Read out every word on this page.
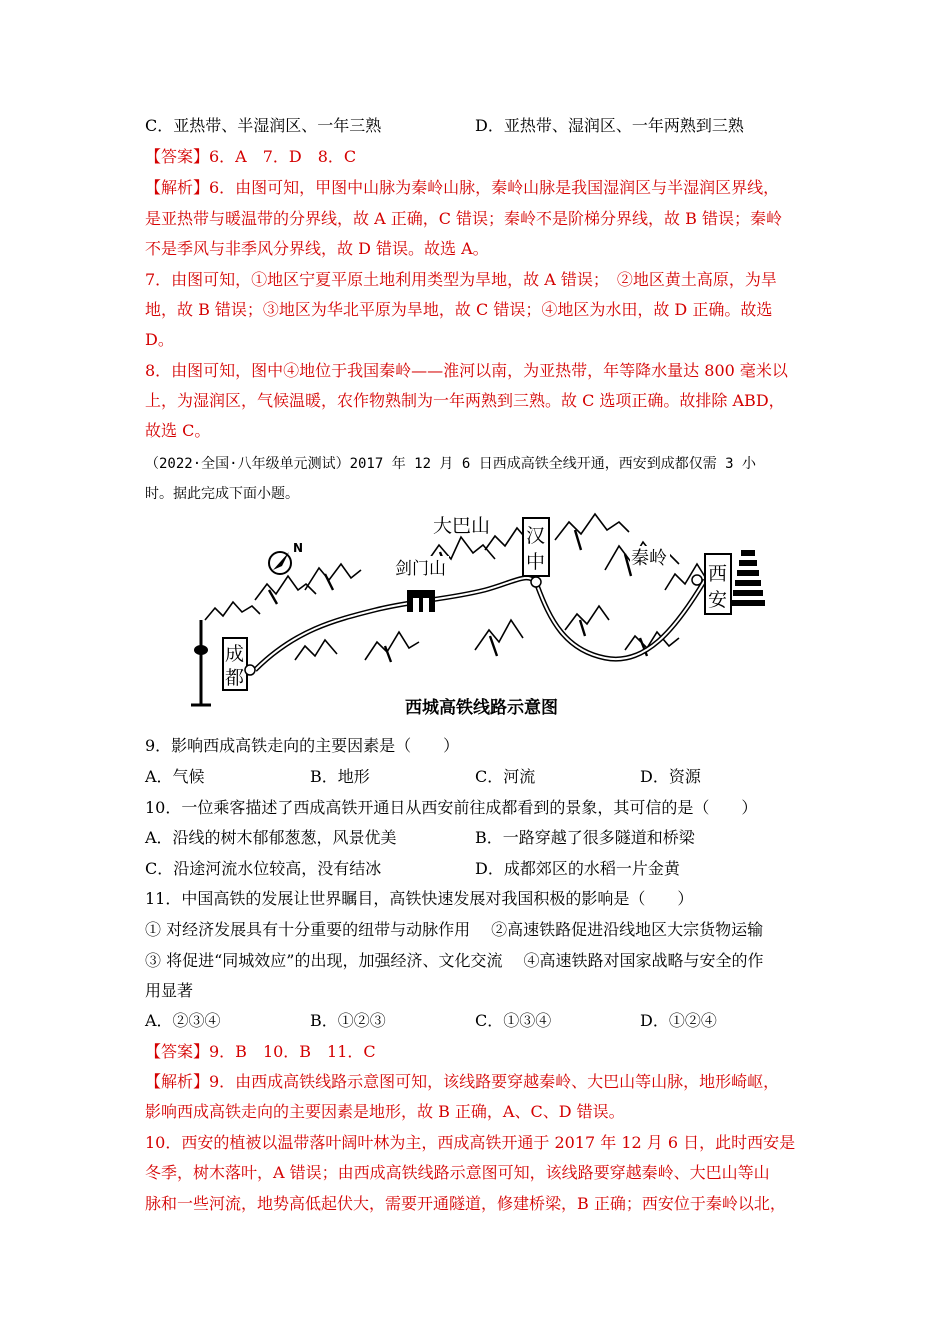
C．亚热带、半湿润区、一年三熟	D．亚热带、湿润区、一年两熟到三熟
【答案】6．A　7．D　8．C
【解析】6．由图可知，甲图中山脉为秦岭山脉，秦岭山脉是我国湿润区与半湿润区界线，
是亚热带与暖温带的分界线，故 A 正确，C 错误；秦岭不是阶梯分界线，故 B 错误；秦岭
不是季风与非季风分界线，故 D 错误。故选 A。
7．由图可知，①地区宁夏平原土地利用类型为旱地，故 A 错误；　②地区黄土高原，为旱
地，故 B 错误；③地区为华北平原为旱地，故 C 错误；④地区为水田，故 D 正确。故选
D。
8．由图可知，图中④地位于我国秦岭——淮河以南，为亚热带，年等降水量达 800 毫米以
上，为湿润区，气候温暖，农作物熟制为一年两熟到三熟。故 C 选项正确。故排除 ABD，
故选 C。
（2022·全国·八年级单元测试）2017 年 12 月 6 日西成高铁全线开通，西安到成都仅需 3 小
时。据此完成下面小题。
大巴山
剑门山
汉
中	秦岭
西
安
成
都
N
西城高铁线路示意图
9．影响西成高铁走向的主要因素是（　　）
A．气候	B．地形	C．河流	D．资源
10．一位乘客描述了西成高铁开通日从西安前往成都看到的景象，其可信的是（　　）
A．沿线的树木郁郁葱葱，风景优美	B．一路穿越了很多隧道和桥梁
C．沿途河流水位较高，没有结冰	D．成都郊区的水稻一片金黄
11．中国高铁的发展让世界瞩目，高铁快速发展对我国积极的影响是（　　）
① 对经济发展具有十分重要的纽带与动脉作用　 ②高速铁路促进沿线地区大宗货物运输
③ 将促进“同城效应”的出现，加强经济、文化交流　 ④高速铁路对国家战略与安全的作
用显著
A．②③④	B．①②③	C．①③④	D．①②④
【答案】9．B　10．B　11．C
【解析】9．由西成高铁线路示意图可知，该线路要穿越秦岭、大巴山等山脉，地形崎岖，
影响西成高铁走向的主要因素是地形，故 B 正确，A、C、D 错误。
10．西安的植被以温带落叶阔叶林为主，西成高铁开通于 2017 年 12 月 6 日，此时西安是
冬季，树木落叶，A 错误；由西成高铁线路示意图可知，该线路要穿越秦岭、大巴山等山
脉和一些河流，地势高低起伏大，需要开通隧道，修建桥梁，B 正确；西安位于秦岭以北，
